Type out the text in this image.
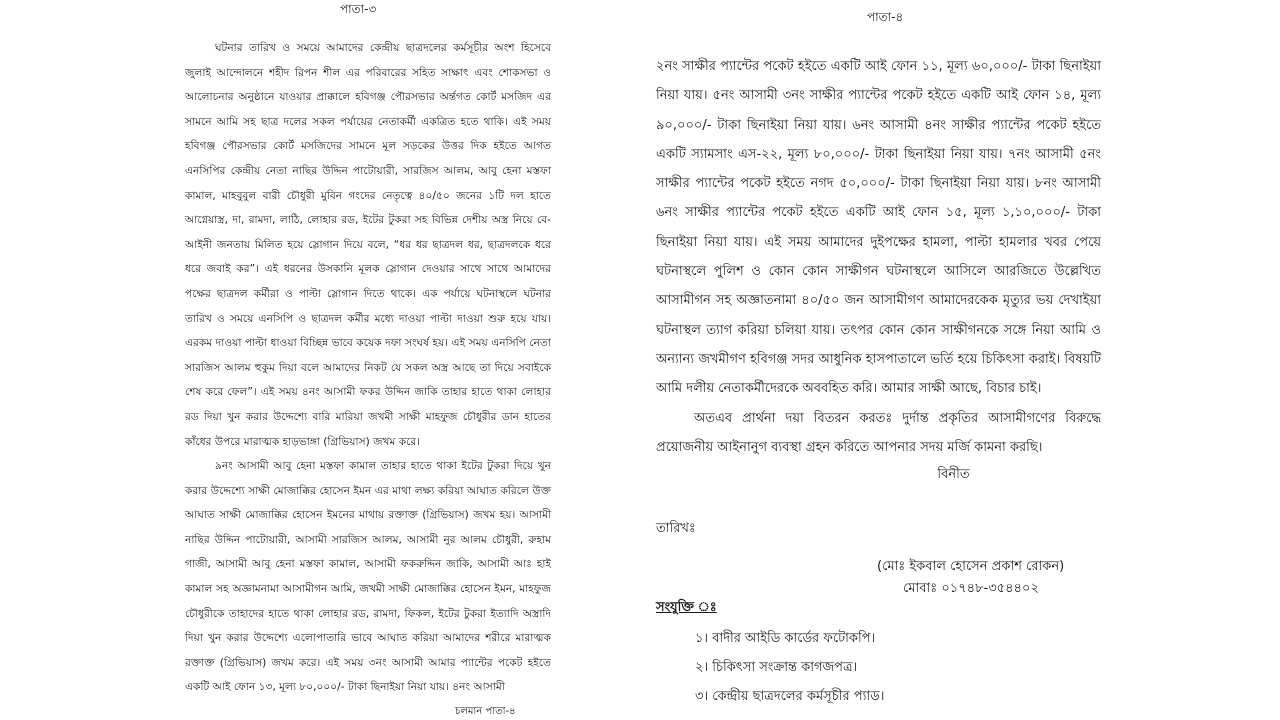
পাতা-৩

ঘটনার তারিখ ও সময়ে আমাদের কেন্দ্রীয় ছাত্রদলের কর্মসূচীর অংশ হিসেবে জুলাই আন্দোলনে শহীদ রিপন শীল এর পরিবারের সহিত সাক্ষাৎ এবং শোকসভা ও আলোচনার অনুষ্ঠানে যাওয়ার প্রাক্কালে হবিগঞ্জ পৌরসভার অর্ন্তগত কোর্ট মসজিদ এর সামনে আমি সহ ছাত্র দলের সকল পর্যায়ের নেতাকর্মী একত্রিত হতে থাকি। এই সময় হবিগঞ্জ পৌরসভার কোর্ট মসজিদের সামনে মূল সড়কের উত্তর দিক হইতে আগত এনসিপির কেন্দ্রীয় নেতা নাছির উদ্দিন পাটোয়ারী, সারজিস আলম, আবু হেনা মস্তফা কামাল, মাহবুবুল বারী চৌধুরী মুবিন গংদের নেতৃত্বে ৪০/৫০ জনের ১টি দল হাতে আগ্নেয়াস্ত্র, দা, রামদা, লাঠি, লোহার রড, ইটের টুকরা সহ বিভিন্ন দেশীয় অস্ত্র নিয়ে বে-আইনী জনতায় মিলিত হয়ে স্লোগান দিয়ে বলে, “ধর ধর ছাত্রদল ধর, ছাত্রদলকে ধরে ধরে জবাই কর”। এই ধরনের উসকানি মূলক স্লোগান দেওয়ার সাথে সাথে আমাদের পক্ষের ছাত্রদল কর্মীরা ও পাল্টা স্লোগান দিতে থাকে। এক পর্যায়ে ঘটনাস্থলে ঘটনার তারিখ ও সময়ে এনসিপি ও ছাত্রদল কর্মীর মধ্যে দাওয়া পাল্টা দাওয়া শুরু হয়ে যায়। এরকম দাওয়া পাল্টা ধাওয়া বিচ্ছিন্ন ভাবে কয়েক দফা সংঘর্ষ হয়। এই সময় এনসিপি নেতা সারজিস আলম হুকুম দিয়া বলে আমাদের নিকট যে সকল অস্ত্র আছে তা দিয়ে সবাইকে শেষ করে ফেল”। এই সময় ৪নং আসামী ফকর উদ্দিন জাকি তাহার হাতে থাকা লোহার রড দিয়া খুন করার উদ্দেশ্যে বারি মারিয়া জখমী সাক্ষী মাহফুজ চৌধুরীর ডান হাতের কাঁধের উপরে মারাত্মক হাড়ভাঙ্গা (গ্রিভিয়াস) জখম করে।

৯নং আসামী আবু হেনা মস্তফা কামাল তাহার হাতে থাকা ইটের টুকরা দিয়ে খুন করার উদ্দেশ্যে সাক্ষী মোজাক্কির হোসেন ইমন এর মাথা লক্ষ্য করিয়া আঘাত করিলে উক্ত আঘাত সাক্ষী মোজাক্কির হোসেন ইমনের মাথায় রক্তাক্ত (গ্রিভিয়াস) জখম হয়। আসামী নাছির উদ্দিন পাটোয়ারী, আসামী সারজিস আলম, আসামী নুর আলম চৌধুরী, রুহাম গাজী, আসামী আবু হেনা মস্তফা কামাল, আসামী ফকরুদ্দিন জাকি, আসামী আঃ হাই কামাল সহ অজ্ঞামনামা আসামীগন আমি, জখমী সাক্ষী মোজাক্কির হোসেন ইমন, মাহফুজ চৌধুরীকে তাহাদের হাতে থাকা লোহার রড, রামদা, ফিকল, ইটের টুকরা ইত্যাদি অস্ত্রাদি দিয়া খুন করার উদ্দেশ্যে এলোপাতারি ভাবে আঘাত করিয়া আমাদের শরীরে মারাত্মক রক্তাক্ত (গ্রিভিয়াস) জখম করে। এই সময় ৩নং আসামী আমার প্যান্টের পকেট হইতে একটি আই ফোন ১৩, মূল্য ৮০,০০০/- টাকা ছিনাইয়া নিয়া যায়। ৪নং আসামী

চলমান পাতা-৪
পাতা-৪

২নং সাক্ষীর প্যান্টের পকেট হইতে একটি আই ফোন ১১, মূল্য ৬০,০০০/- টাকা ছিনাইয়া নিয়া যায়। ৫নং আসামী ৩নং সাক্ষীর প্যান্টের পকেট হইতে একটি আই ফোন ১৪, মূল্য ৯০,০০০/- টাকা ছিনাইয়া নিয়া যায়। ৬নং আসামী ৪নং সাক্ষীর প্যান্টের পকেট হইতে একটি স্যামসাং এস-২২, মূল্য ৮০,০০০/- টাকা ছিনাইয়া নিয়া যায়। ৭নং আসামী ৫নং সাক্ষীর প্যান্টের পকেট হইতে নগদ ৫০,০০০/- টাকা ছিনাইয়া নিয়া যায়। ৮নং আসামী ৬নং সাক্ষীর প্যান্টের পকেট হইতে একটি আই ফোন ১৫, মূল্য ১,১০,০০০/- টাকা ছিনাইয়া নিয়া যায়। এই সময় আমাদের দুইপক্ষের হামলা, পাল্টা হামলার খবর পেয়ে ঘটনাস্থলে পুলিশ ও কোন কোন সাক্ষীগন ঘটনাস্থলে আসিলে আরজিতে উল্লেখিত আসামীগন সহ অজ্ঞাতনামা ৪০/৫০ জন আসামীগণ আমাদেরকেক মৃত্যুর ভয় দেখাইয়া ঘটনাস্থল ত্যাগ করিয়া চলিয়া যায়। তৎপর কোন কোন সাক্ষীগনকে সঙ্গে নিয়া আমি ও অন্যান্য জখমীগণ হবিগঞ্জ সদর আধুনিক হাসপাতালে ভর্তি হয়ে চিকিৎসা করাই। বিষয়টি আমি দলীয় নেতাকর্মীদেরকে অববহিত করি। আমার সাক্ষী আছে, বিচার চাই।

অতএব প্রার্থনা দয়া বিতরন করতঃ দুর্দান্ত প্রকৃতির আসামীগণের বিরুদ্ধে প্রয়োজনীয় আইনানুগ ব্যবস্থা গ্রহন করিতে আপনার সদয় মর্জি কামনা করছি।

বিনীত

তারিখঃ
(মোঃ ইকবাল হোসেন প্রকাশ রোকন)
মোবাঃ ০১৭৪৮-৩৫৪৪০২
সংযুক্তি ঃ
১। বাদীর আইডি কার্ডের ফটোকপি।
২। চিকিৎসা সংক্রান্ত কাগজপত্র।
৩। কেন্দ্রীয় ছাত্রদলের কর্মসূচীর প্যাড।
